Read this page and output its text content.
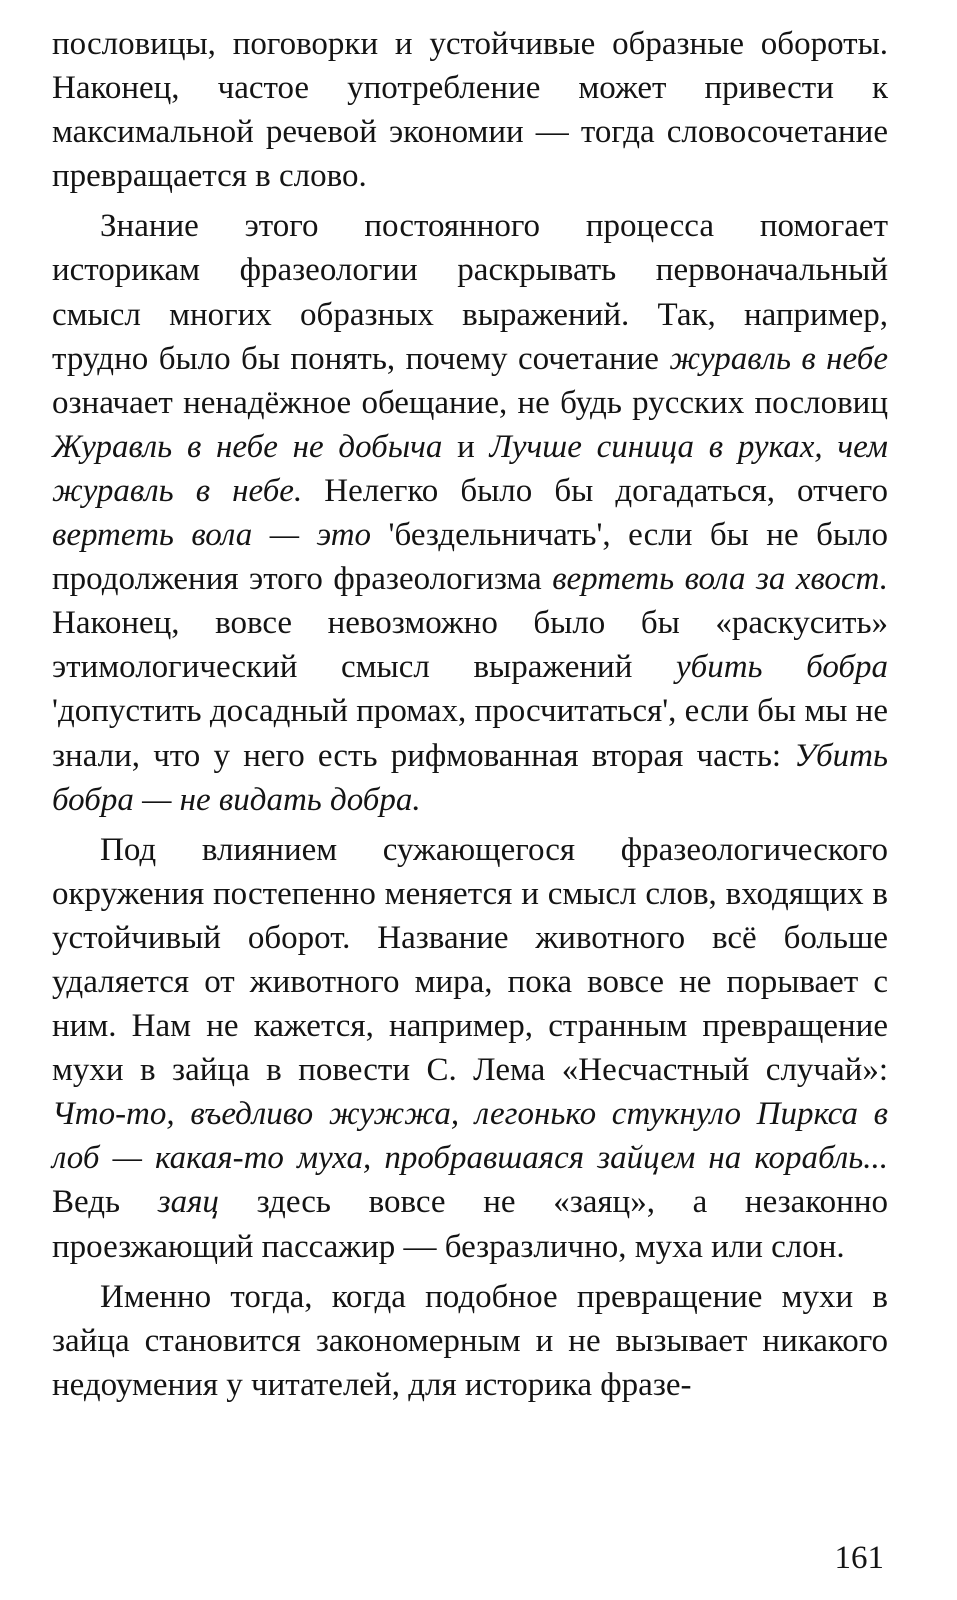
пословицы, поговорки и устойчивые образные обороты. Наконец, частое употребление может привести к максимальной речевой экономии — тогда словосочетание превращается в слово.

Знание этого постоянного процесса помогает историкам фразеологии раскрывать первоначальный смысл многих образных выражений. Так, например, трудно было бы понять, почему сочетание журавль в небе означает ненадёжное обещание, не будь русских пословиц Журавль в небе не добыча и Лучше синица в руках, чем журавль в небе. Нелегко было бы догадаться, отчего вертеть вола — это 'бездельничать', если бы не было продолжения этого фразеологизма вертеть вола за хвост. Наконец, вовсе невозможно было бы «раскусить» этимологический смысл выражений убить бобра 'допустить досадный промах, просчитаться', если бы мы не знали, что у него есть рифмованная вторая часть: Убить бобра — не видать добра.

Под влиянием сужающегося фразеологического окружения постепенно меняется и смысл слов, входящих в устойчивый оборот. Название животного всё больше удаляется от животного мира, пока вовсе не порывает с ним. Нам не кажется, например, странным превращение мухи в зайца в повести С. Лема «Несчастный случай»: Что-то, въедливо жужжа, легонько стукнуло Пиркса в лоб — какая-то муха, пробравшаяся зайцем на корабль... Ведь заяц здесь вовсе не «заяц», а незаконно проезжающий пассажир — безразлично, муха или слон.

Именно тогда, когда подобное превращение мухи в зайца становится закономерным и не вызывает никакого недоумения у читателей, для историка фразе-

161
